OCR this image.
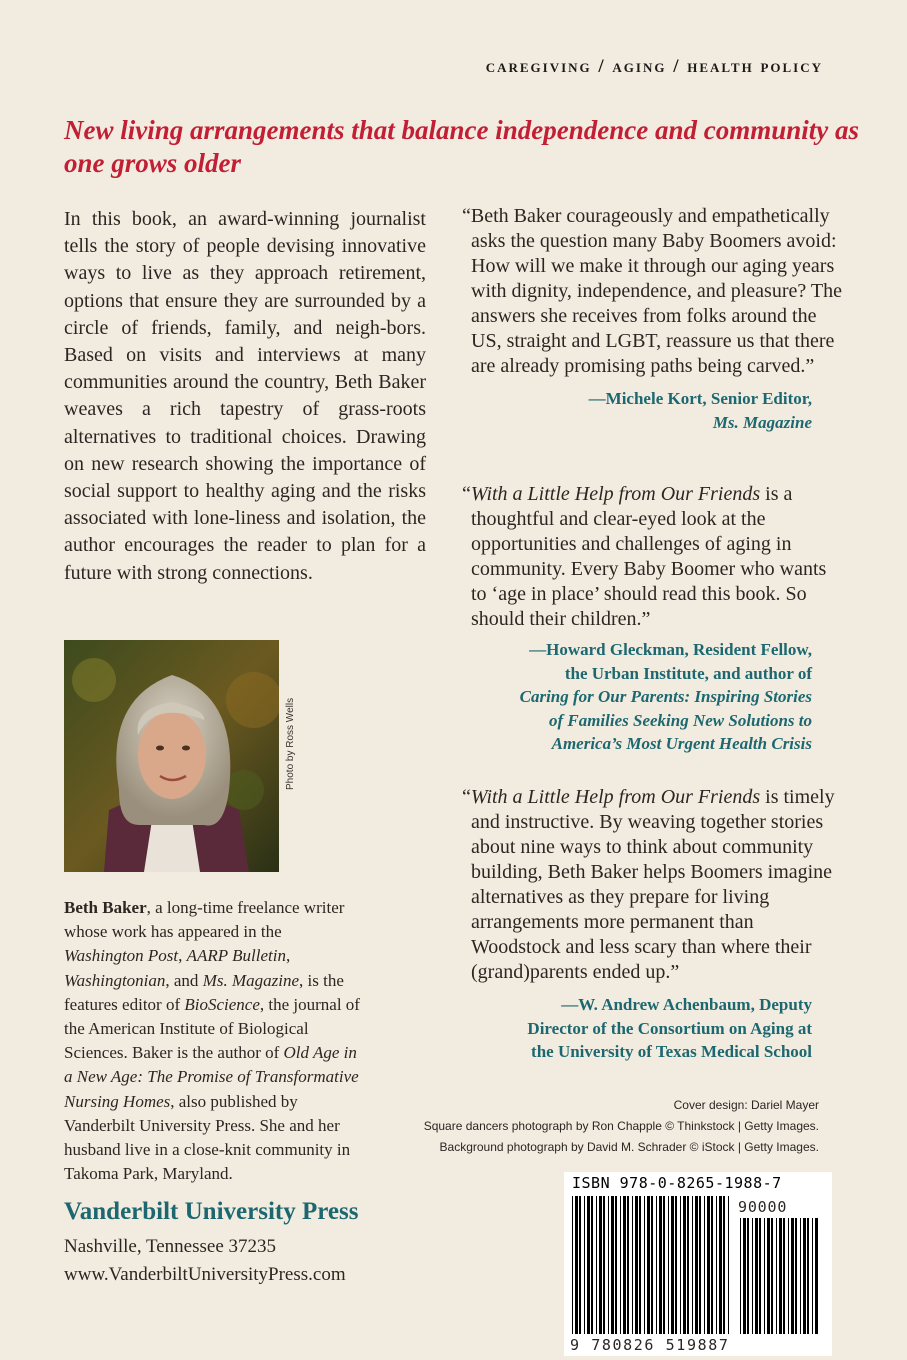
caregiving / aging / health policy
New living arrangements that balance independence and community as one grows older
In this book, an award-winning journalist tells the story of people devising innovative ways to live as they approach retirement, options that ensure they are surrounded by a circle of friends, family, and neigh-bors. Based on visits and interviews at many communities around the country, Beth Baker weaves a rich tapestry of grass-roots alternatives to traditional choices. Drawing on new research showing the importance of social support to healthy aging and the risks associated with lone-liness and isolation, the author encourages the reader to plan for a future with strong connections.
Photo by Ross Wells
Beth Baker, a long-time freelance writer whose work has appeared in the Washington Post, AARP Bulletin, Washingtonian, and Ms. Magazine, is the features editor of BioScience, the journal of the American Institute of Biological Sciences. Baker is the author of Old Age in a New Age: The Promise of Transformative Nursing Homes, also published by Vanderbilt University Press. She and her husband live in a close-knit community in Takoma Park, Maryland.
Vanderbilt University Press
Nashville, Tennessee 37235
www.VanderbiltUniversityPress.com
“Beth Baker courageously and empathetically asks the question many Baby Boomers avoid: How will we make it through our aging years with dignity, independence, and pleasure? The answers she receives from folks around the US, straight and LGBT, reassure us that there are already promising paths being carved.”
—Michele Kort, Senior Editor,
Ms. Magazine
“With a Little Help from Our Friends is a thoughtful and clear-eyed look at the opportunities and challenges of aging in community. Every Baby Boomer who wants to ‘age in place’ should read this book. So should their children.”
—Howard Gleckman, Resident Fellow,
the Urban Institute, and author of
Caring for Our Parents: Inspiring Stories of Families Seeking New Solutions to America’s Most Urgent Health Crisis
“With a Little Help from Our Friends is timely and instructive. By weaving together stories about nine ways to think about community building, Beth Baker helps Boomers imagine alternatives as they prepare for living arrangements more permanent than Woodstock and less scary than where their (grand)parents ended up.”
—W. Andrew Achenbaum, Deputy Director of the Consortium on Aging at the University of Texas Medical School
Cover design: Dariel Mayer
Square dancers photograph by Ron Chapple © Thinkstock | Getty Images.
Background photograph by David M. Schrader © iStock | Getty Images.
ISBN 978-0-8265-1988-7
90000
9 780826 519887
